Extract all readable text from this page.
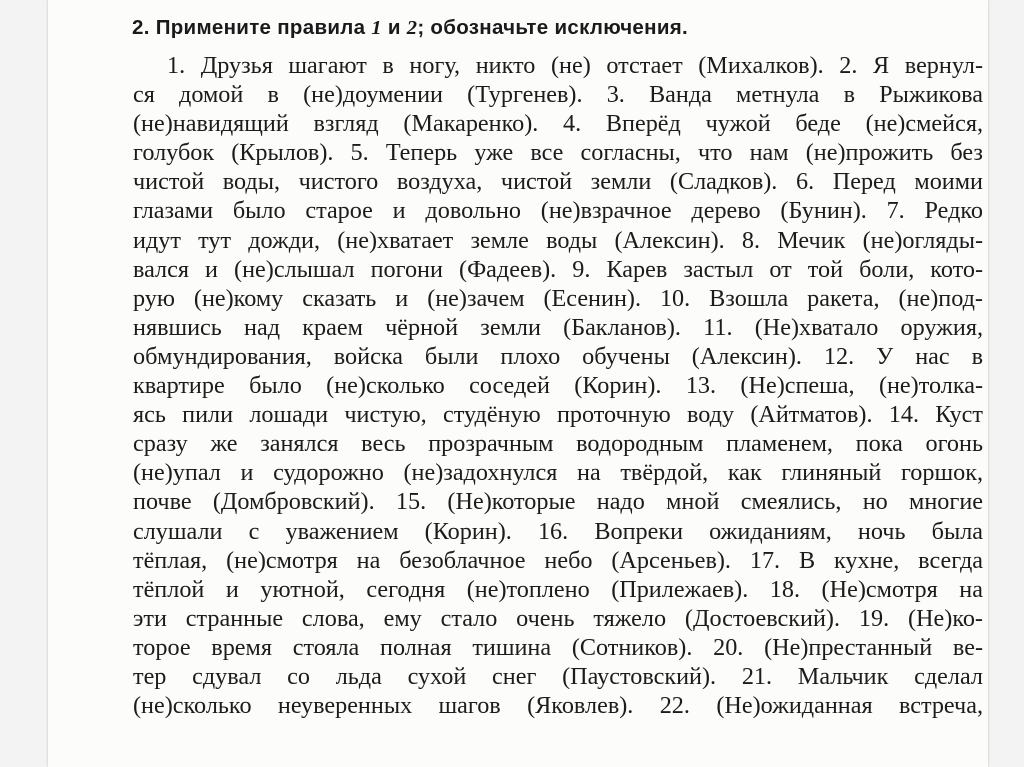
2. Примените правила 1 и 2; обозначьте исключения.
1. Друзья шагают в ногу, никто (не) отстает (Михалков). 2. Я вернул-
ся домой в (не)доумении (Тургенев). 3. Ванда метнула в Рыжикова
(не)навидящий взгляд (Макаренко). 4. Вперёд чужой беде (не)смейся,
голубок (Крылов). 5. Теперь уже все согласны, что нам (не)прожить без
чистой воды, чистого воздуха, чистой земли (Сладков). 6. Перед моими
глазами было старое и довольно (не)взрачное дерево (Бунин). 7. Редко
идут тут дожди, (не)хватает земле воды (Алексин). 8. Мечик (не)огляды-
вался и (не)слышал погони (Фадеев). 9. Карев застыл от той боли, кото-
рую (не)кому сказать и (не)зачем (Есенин). 10. Взошла ракета, (не)под-
нявшись над краем чёрной земли (Бакланов). 11. (Не)хватало оружия,
обмундирования, войска были плохо обучены (Алексин). 12. У нас в
квартире было (не)сколько соседей (Корин). 13. (Не)спеша, (не)толка-
ясь пили лошади чистую, студёную проточную воду (Айтматов). 14. Куст
сразу же занялся весь прозрачным водородным пламенем, пока огонь
(не)упал и судорожно (не)задохнулся на твёрдой, как глиняный горшок,
почве (Домбровский). 15. (Не)которые надо мной смеялись, но многие
слушали с уважением (Корин). 16. Вопреки ожиданиям, ночь была
тёплая, (не)смотря на безоблачное небо (Арсеньев). 17. В кухне, всегда
тёплой и уютной, сегодня (не)топлено (Прилежаев). 18. (Не)смотря на
эти странные слова, ему стало очень тяжело (Достоевский). 19. (Не)ко-
торое время стояла полная тишина (Сотников). 20. (Не)престанный ве-
тер сдувал со льда сухой снег (Паустовский). 21. Мальчик сделал
(не)сколько неуверенных шагов (Яковлев). 22. (Не)ожиданная встреча,
